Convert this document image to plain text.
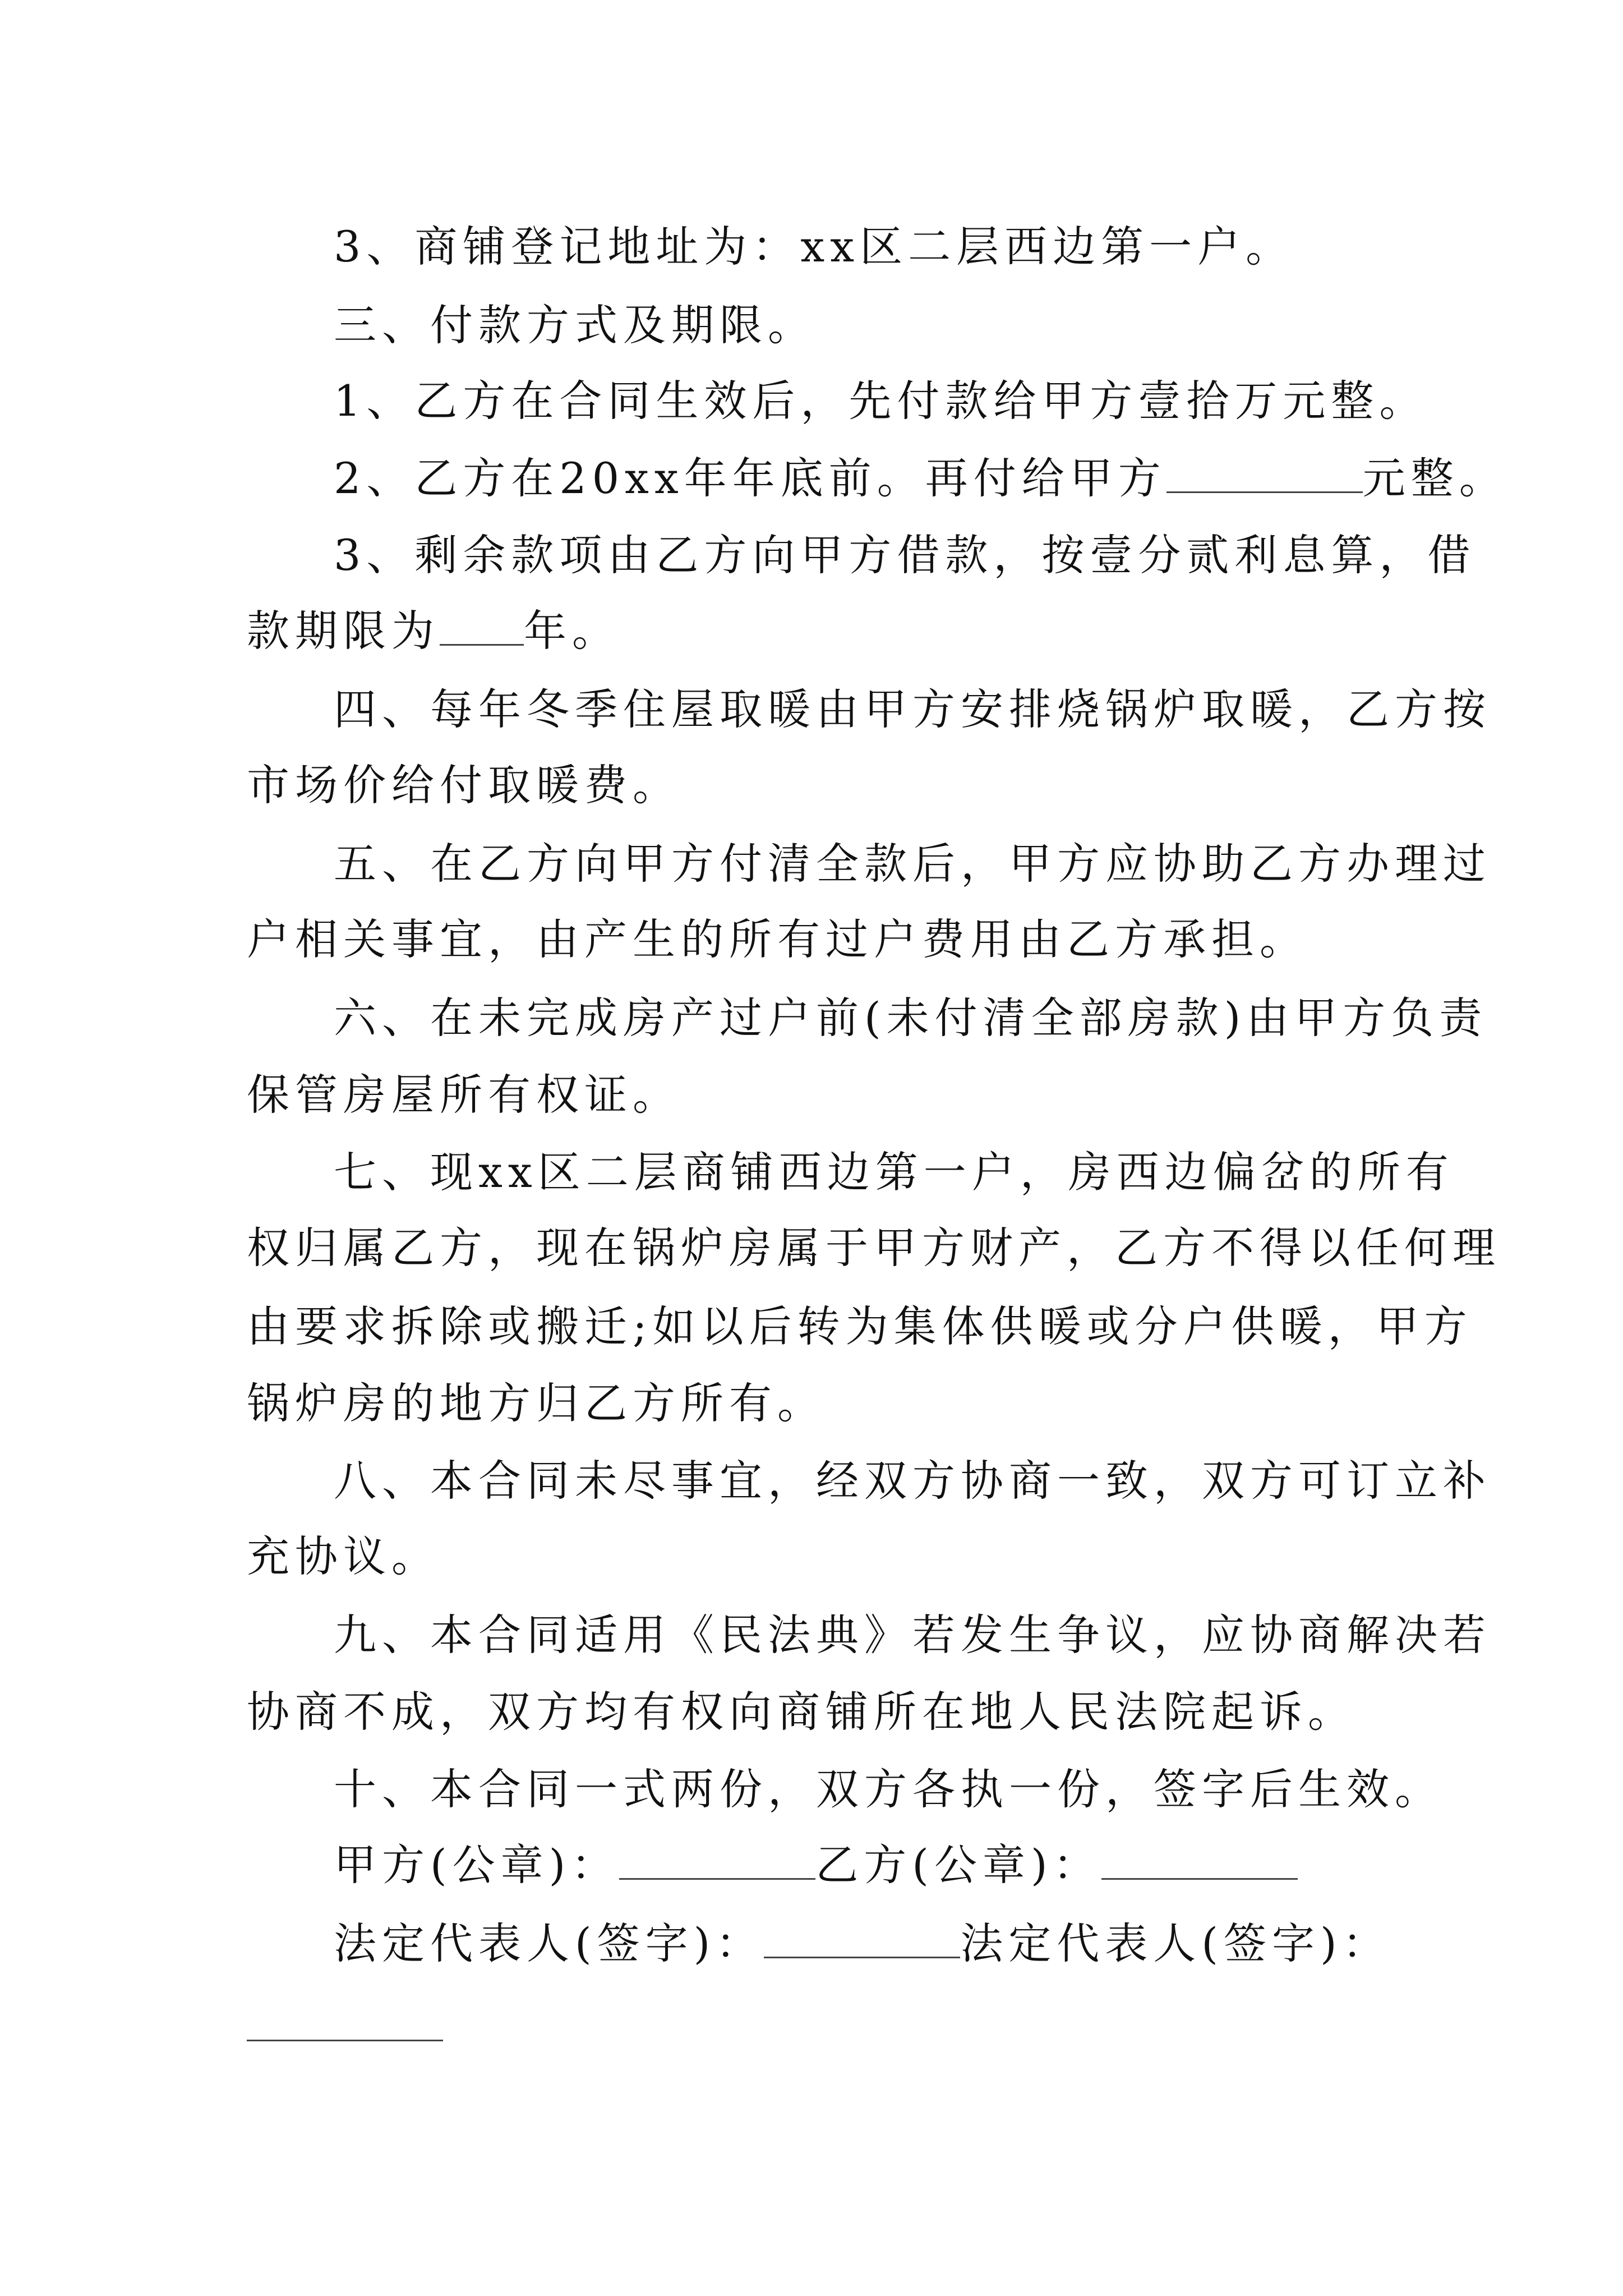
3、商铺登记地址为：xx区二层西边第一户。
三、付款方式及期限。
1、乙方在合同生效后，先付款给甲方壹拾万元整。
2、乙方在20xx年年底前。再付给甲方	元整。
3、剩余款项由乙方向甲方借款，按壹分贰利息算，借
款期限为 年。
四、每年冬季住屋取暖由甲方安排烧锅炉取暖，乙方按
市场价给付取暖费。
五、在乙方向甲方付清全款后，甲方应协助乙方办理过
户相关事宜，由产生的所有过户费用由乙方承担。
六、在未完成房产过户前(未付清全部房款)由甲方负责
保管房屋所有权证。
七、现xx区二层商铺西边第一户，房西边偏岔的所有
权归属乙方，现在锅炉房属于甲方财产，乙方不得以任何理
由要求拆除或搬迁;如以后转为集体供暖或分户供暖，甲方
锅炉房的地方归乙方所有。
八、本合同未尽事宜，经双方协商一致，双方可订立补
充协议。
九、本合同适用《民法典》若发生争议，应协商解决若
协商不成，双方均有权向商铺所在地人民法院起诉。
十、本合同一式两份，双方各执一份，签字后生效。
甲方(公章)：	乙方(公章)：
法定代表人(签字)：	法定代表人(签字)：
